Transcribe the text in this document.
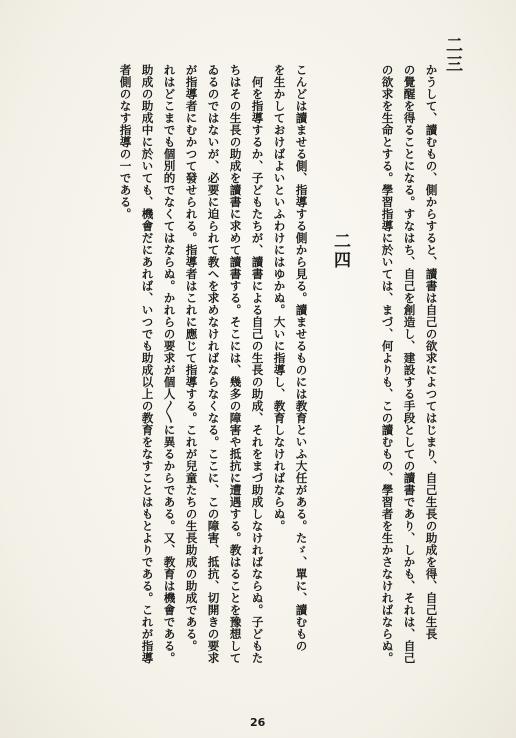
二三
かうして、讀むもの、側からすると、讀書は自己の欲求によつてはじまり、自己生長の助成を得、自己生長
の覺醒を得ることになる。すなはち、自己を創造し、建設する手段としての讀書であり、しかも、それは、自己
の欲求を生命とする。學習指導に於いては、まづ、何よりも、この讀むもの、學習者を生かさなければならぬ。
二四
こんどは讀ませる側、指導する側から見る。讀ませるものには教育といふ大任がある。たゞ、單に、讀むもの
を生かしておけばよいといふわけにはゆかぬ。大いに指導し、教育しなければならぬ。
何を指導するか、子どもたちが、讀書による自己の生長の助成、それをまづ助成しなければならぬ。子どもた
ちはその生長の助成を讀書に求めて讀書する。そこには、幾多の障害や抵抗に遭遇する。教はることを豫想して
ゐるのではないが、必要に迫られて教へを求めなければならなくなる。ここに、この障害、抵抗、切開きの要求
が指導者にむかつて發せられる。指導者はこれに應じて指導する。これが兒童たちの生長助成の助成である。
れはどこまでも個別的でなくてはならぬ。かれらの要求が個人〳〵に異るからである。又、教育は機會である。
助成の助成中に於いても、機會だにあれば、いつでも助成以上の教育をなすことはもとよりである。これが指導
者側のなす指導の一である。
26
